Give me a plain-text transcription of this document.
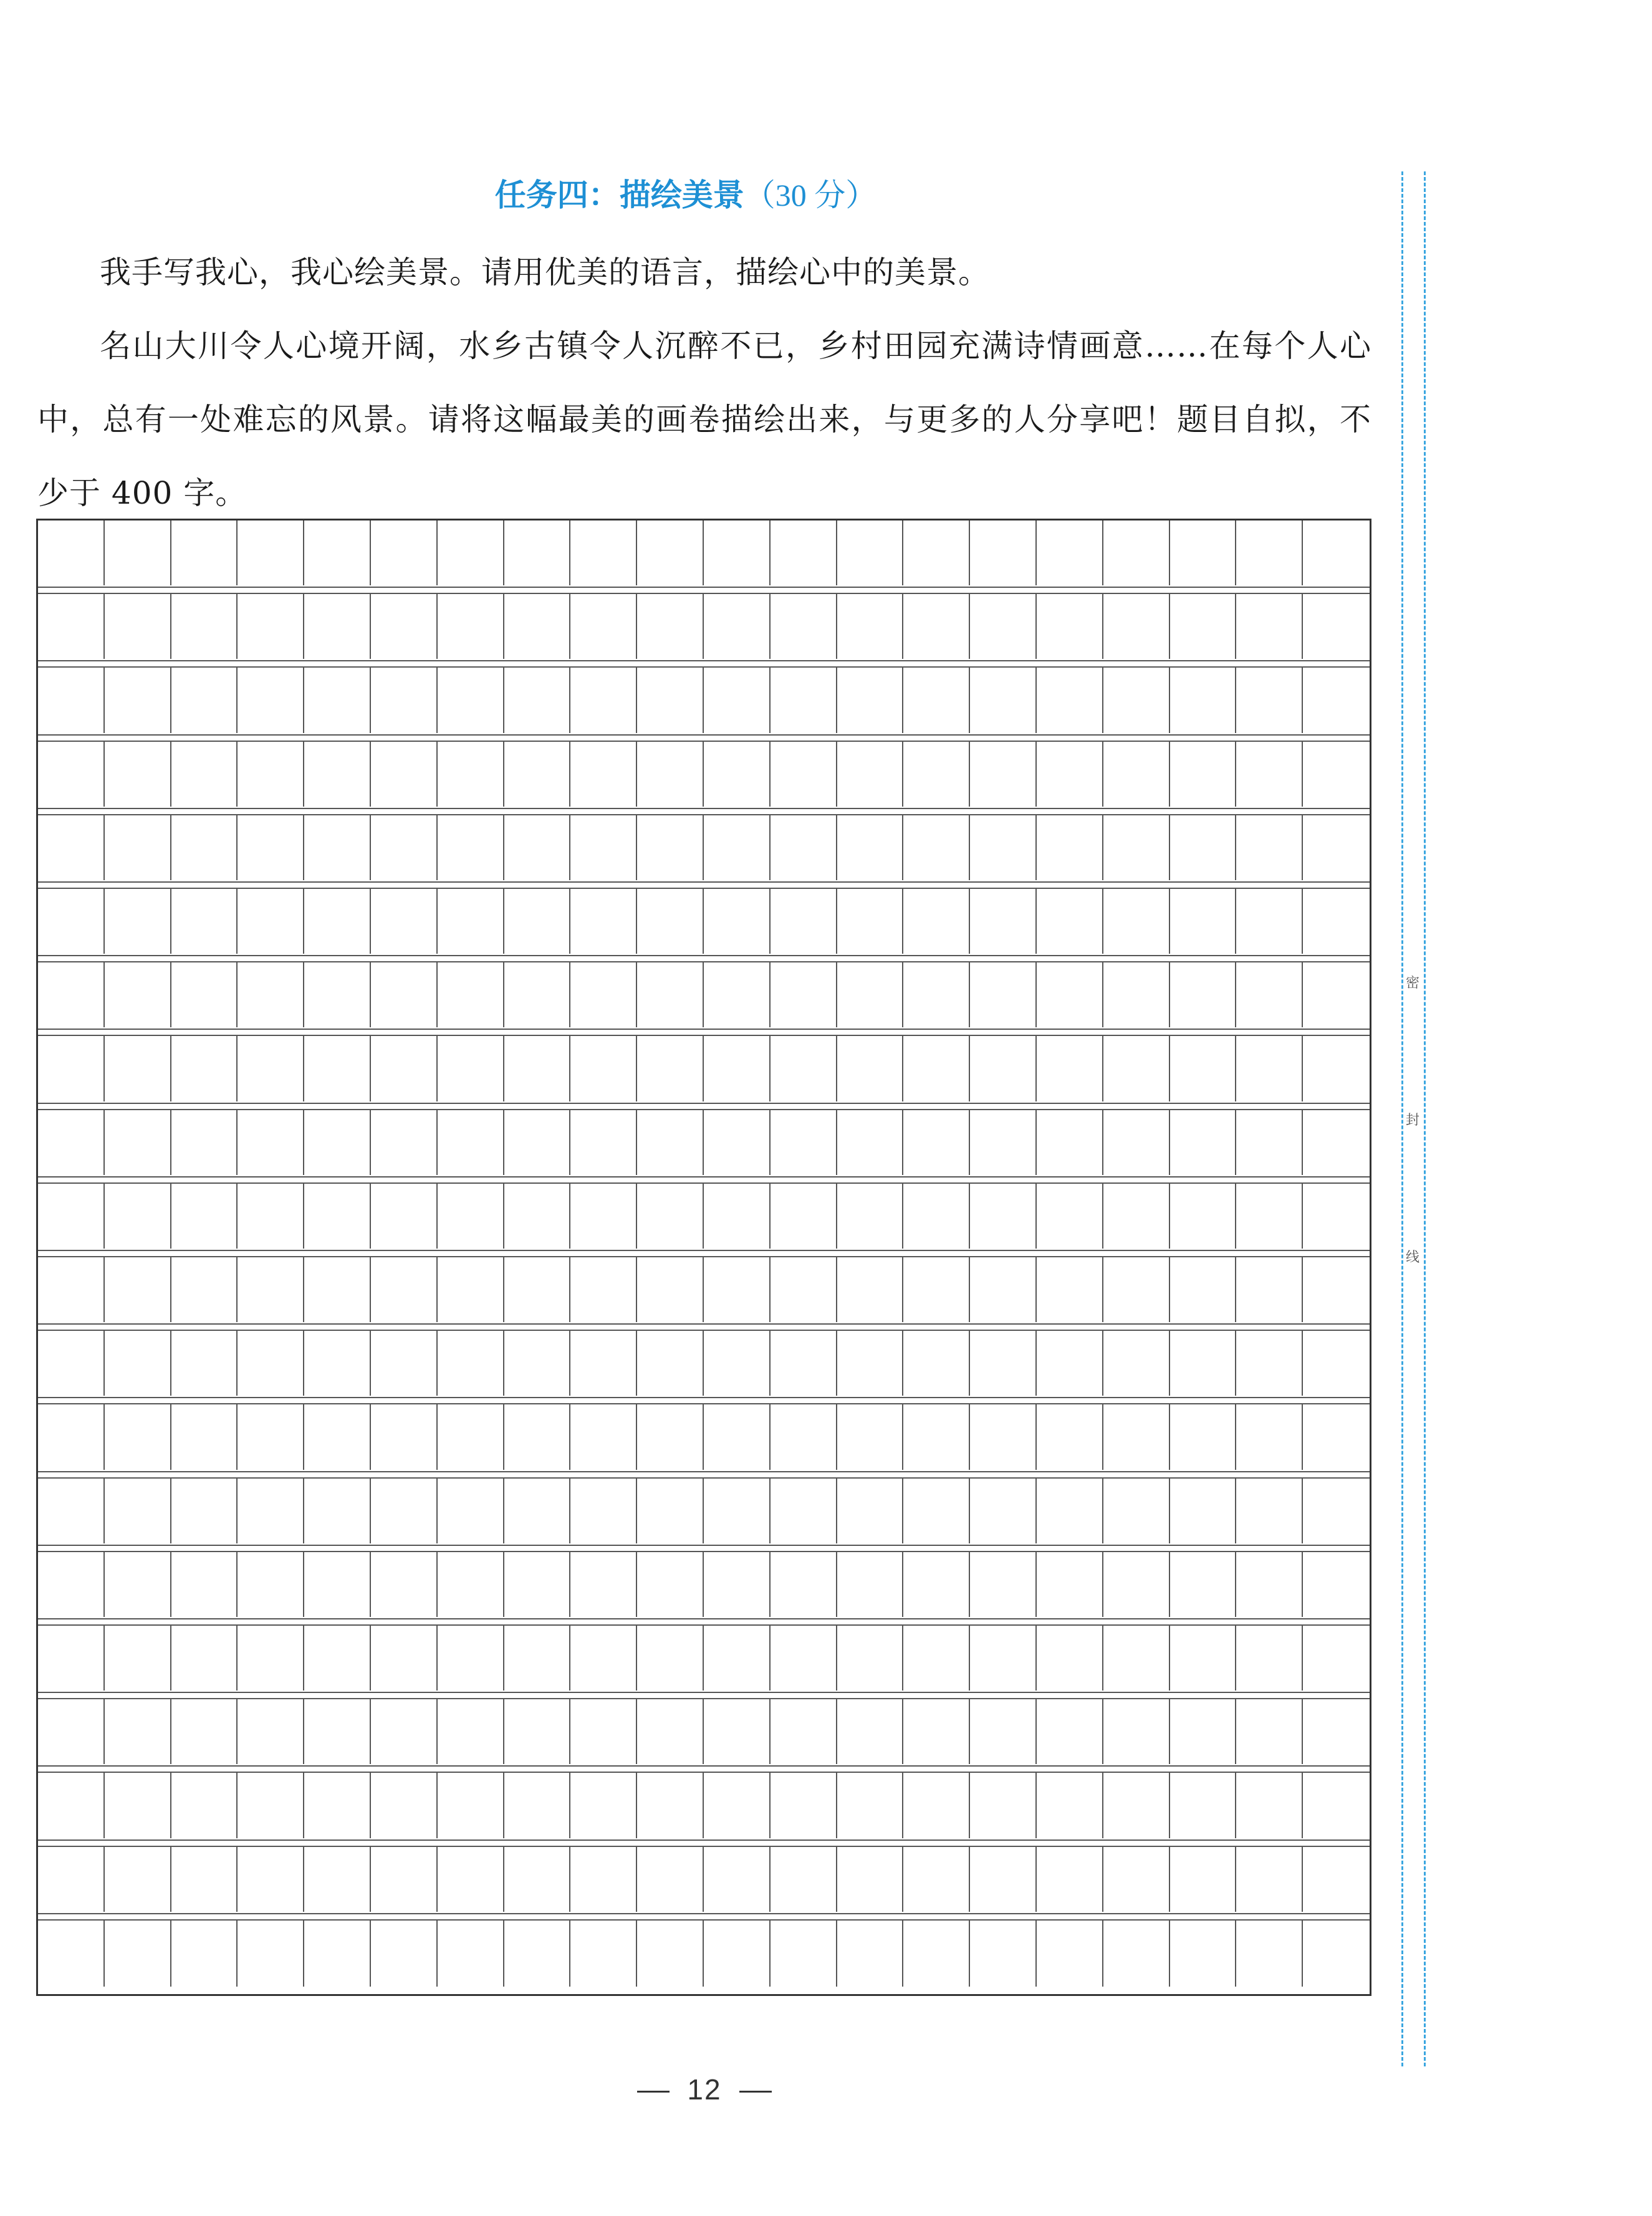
任务四：描绘美景（30 分）

我手写我心，我心绘美景。请用优美的语言，描绘心中的美景。

名山大川令人心境开阔，水乡古镇令人沉醉不已，乡村田园充满诗情画意……在每个人心中，总有一处难忘的风景。请将这幅最美的画卷描绘出来，与更多的人分享吧！题目自拟，不少于 400 字。

密
封
线
12
